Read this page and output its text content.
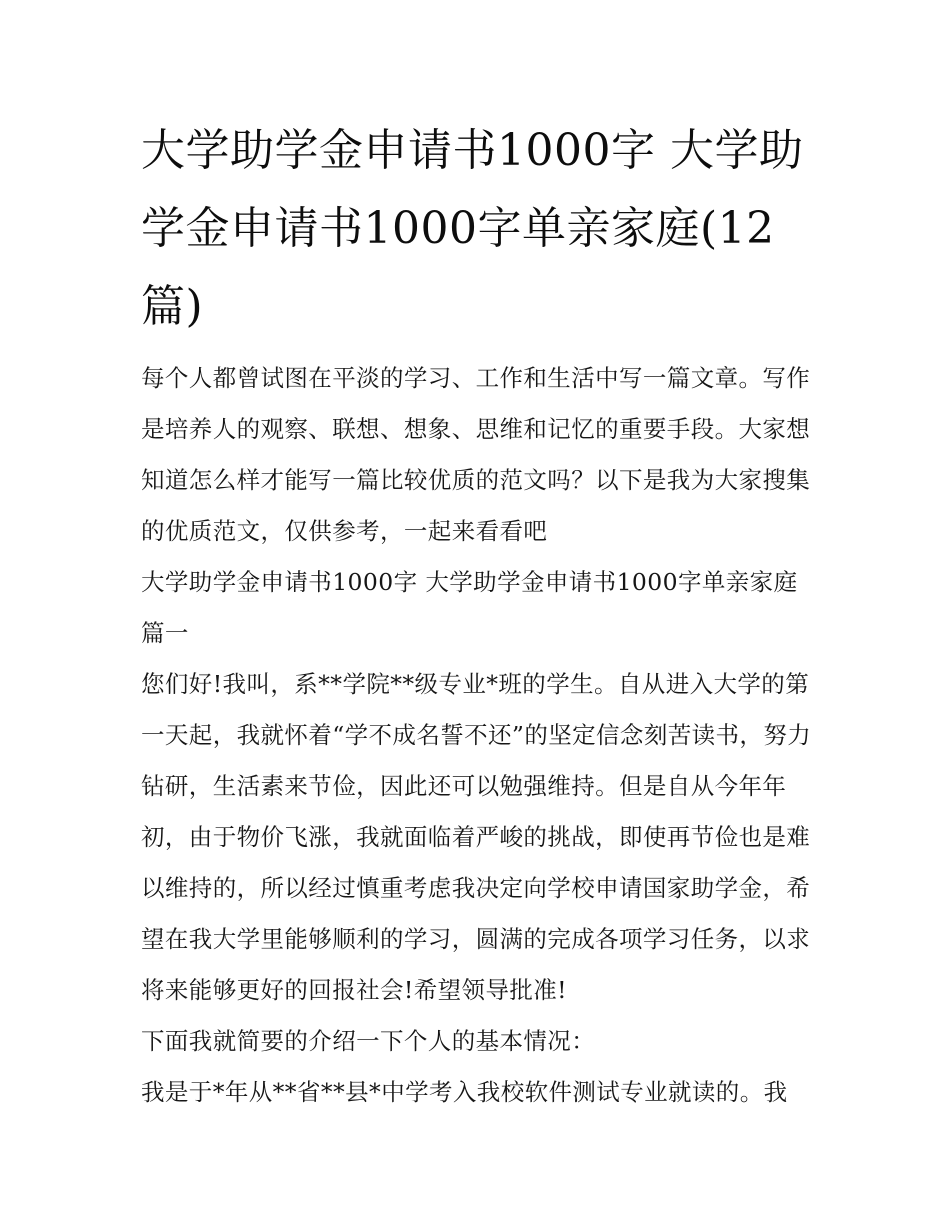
大学助学金申请书1000字 大学助学金申请书1000字单亲家庭(12篇)

每个人都曾试图在平淡的学习、工作和生活中写一篇文章。写作是培养人的观察、联想、想象、思维和记忆的重要手段。大家想知道怎么样才能写一篇比较优质的范文吗？以下是我为大家搜集的优质范文，仅供参考，一起来看看吧

大学助学金申请书1000字 大学助学金申请书1000字单亲家庭篇一

您们好!我叫，系**学院**级专业*班的学生。自从进入大学的第一天起，我就怀着“学不成名誓不还”的坚定信念刻苦读书，努力钻研，生活素来节俭，因此还可以勉强维持。但是自从今年年初，由于物价飞涨，我就面临着严峻的挑战，即使再节俭也是难以维持的，所以经过慎重考虑我决定向学校申请国家助学金，希望在我大学里能够顺利的学习，圆满的完成各项学习任务，以求将来能够更好的回报社会!希望领导批准!

下面我就简要的介绍一下个人的基本情况：

我是于*年从**省**县*中学考入我校软件测试专业就读的。我
